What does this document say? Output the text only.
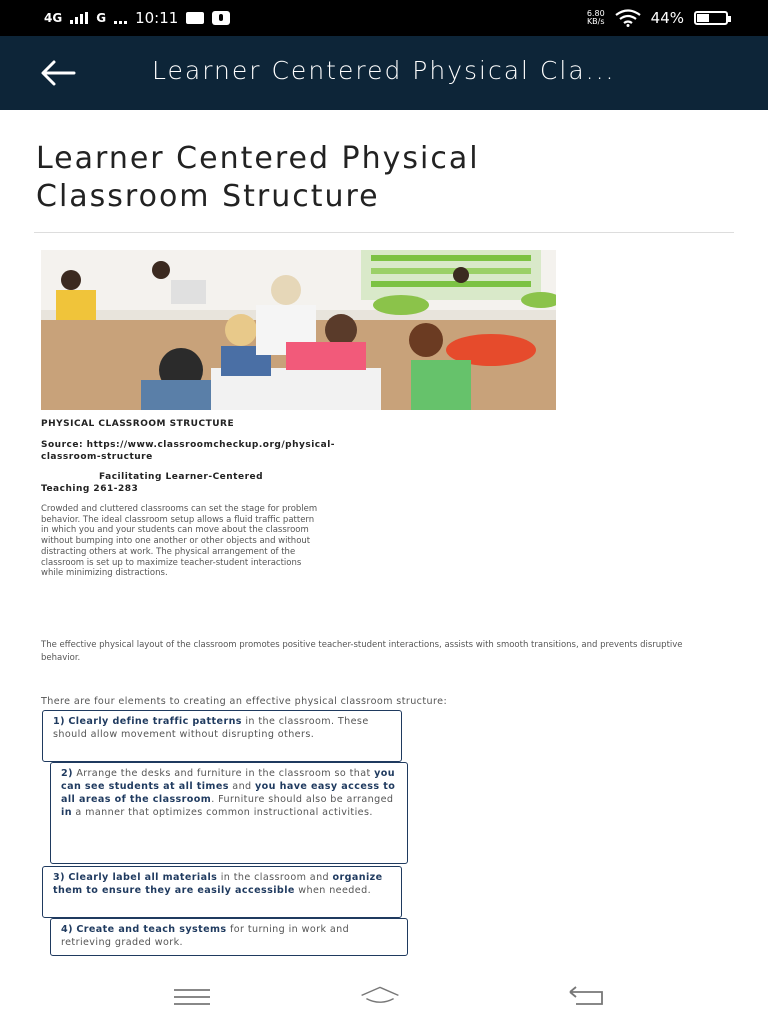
4G	G 10:11	6.80
KB/s	44%
Learner Centered Physical Cla...
Learner Centered Physical
Classroom Structure
PHYSICAL CLASSROOM STRUCTURE
Source: https://www.classroomcheckup.org/physical-
classroom-structure
Facilitating Learner-Centered
Teaching 261-283
Crowded and cluttered classrooms can set the stage for problem behavior. The ideal classroom setup allows a fluid traffic pattern in which you and your students can move about the classroom without bumping into one another or other objects and without distracting others at work. The physical arrangement of the classroom is set up to maximize teacher-student interactions while minimizing distractions.
The effective physical layout of the classroom promotes positive teacher-student interactions, assists with smooth transitions, and prevents disruptive behavior.
There are four elements to creating an effective physical classroom structure:
1) Clearly define traffic patterns in the classroom. These should allow movement without disrupting others.
2) Arrange the desks and furniture in the classroom so that you can see students at all times and you have easy access to all areas of the classroom. Furniture should also be arranged in a manner that optimizes common instructional activities.
3) Clearly label all materials in the classroom and organize them to ensure they are easily accessible when needed.
4) Create and teach systems for turning in work and retrieving graded work.
